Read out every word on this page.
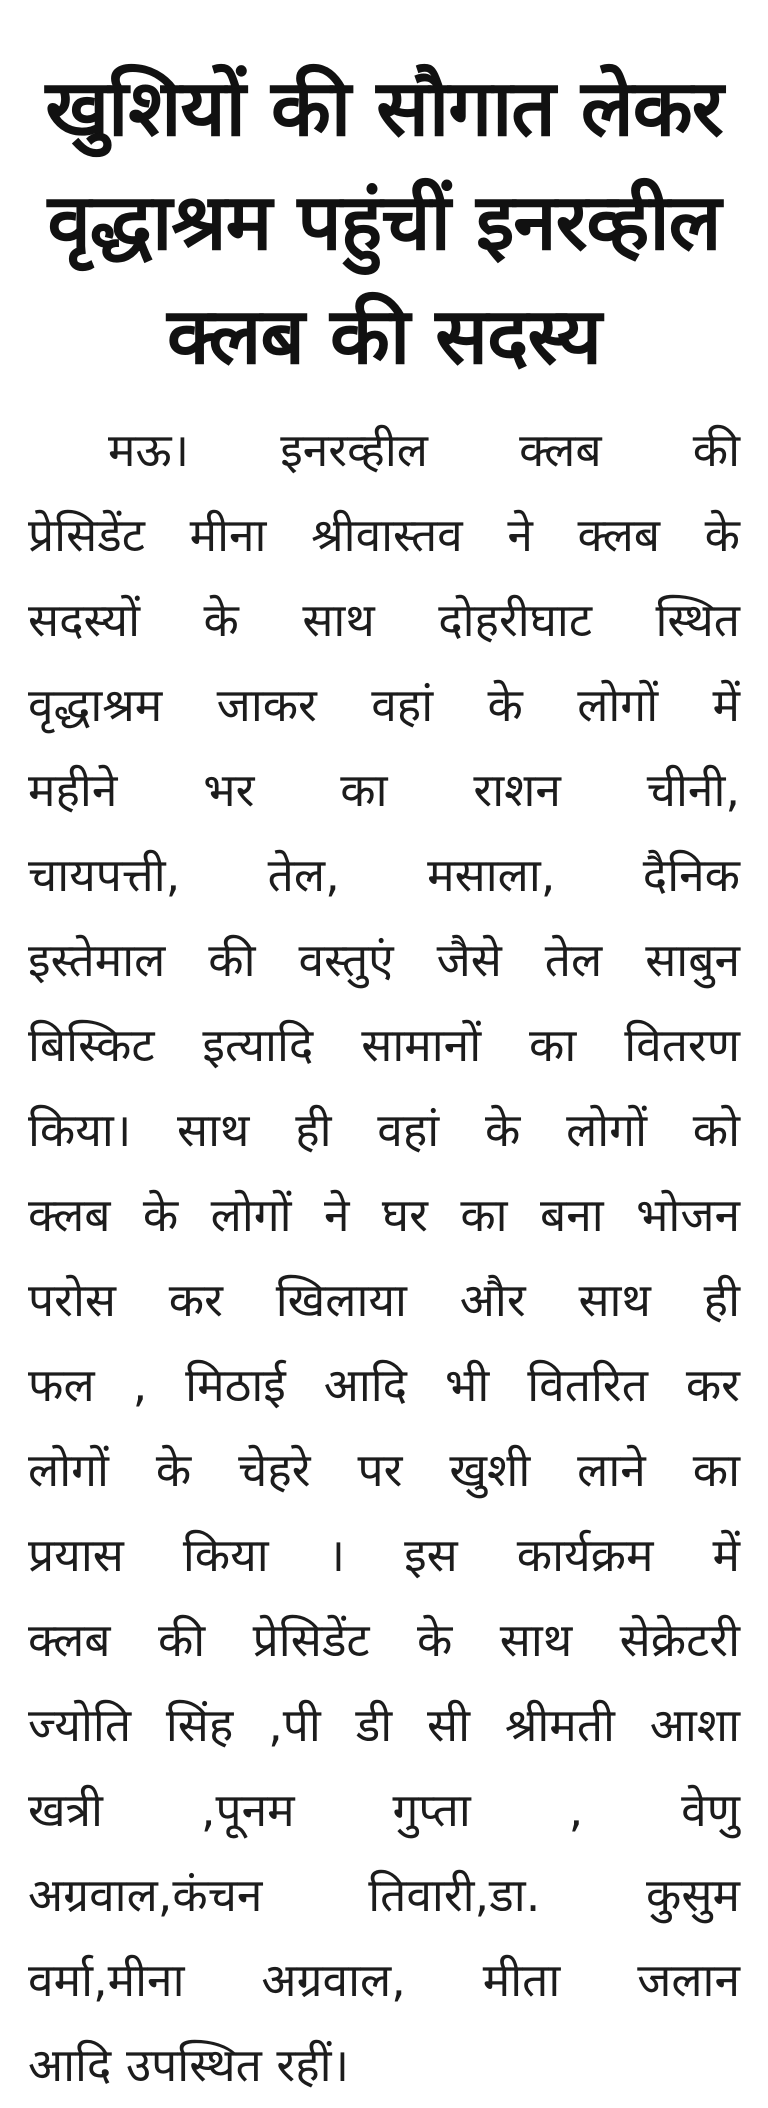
खुशियों की सौगात लेकर
वृद्धाश्रम पहुंचीं इनरव्हील
क्लब की सदस्य
मऊ। इनरव्हील क्लब की
प्रेसिडेंट मीना श्रीवास्तव ने क्लब के
सदस्यों के साथ दोहरीघाट स्थित
वृद्धाश्रम जाकर वहां के लोगों में
महीने भर का राशन चीनी,
चायपत्ती, तेल, मसाला, दैनिक
इस्तेमाल की वस्तुएं जैसे तेल साबुन
बिस्किट इत्यादि सामानों का वितरण
किया। साथ ही वहां के लोगों को
क्लब के लोगों ने घर का बना भोजन
परोस कर खिलाया और साथ ही
फल , मिठाई आदि भी वितरित कर
लोगों के चेहरे पर खुशी लाने का
प्रयास किया । इस कार्यक्रम में
क्लब की प्रेसिडेंट के साथ सेक्रेटरी
ज्योति सिंह ,पी डी सी श्रीमती आशा
खत्री ,पूनम गुप्ता , वेणु
अग्रवाल,कंचन तिवारी,डा. कुसुम
वर्मा,मीना अग्रवाल, मीता जलान
आदि उपस्थित रहीं।
